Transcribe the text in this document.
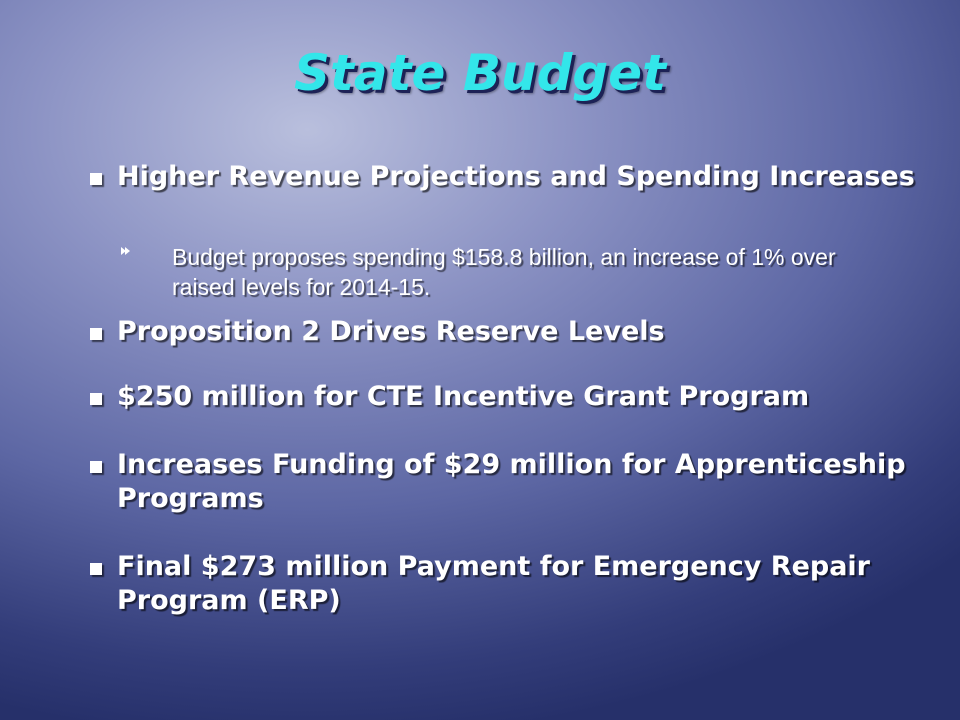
State Budget

Higher Revenue Projections and Spending Increases

Budget proposes spending $158.8 billion, an increase of 1% over raised levels for 2014-15.

Proposition 2 Drives Reserve Levels

$250 million for CTE Incentive Grant Program

Increases Funding of $29 million for Apprenticeship Programs

Final $273 million Payment for Emergency Repair Program (ERP)
